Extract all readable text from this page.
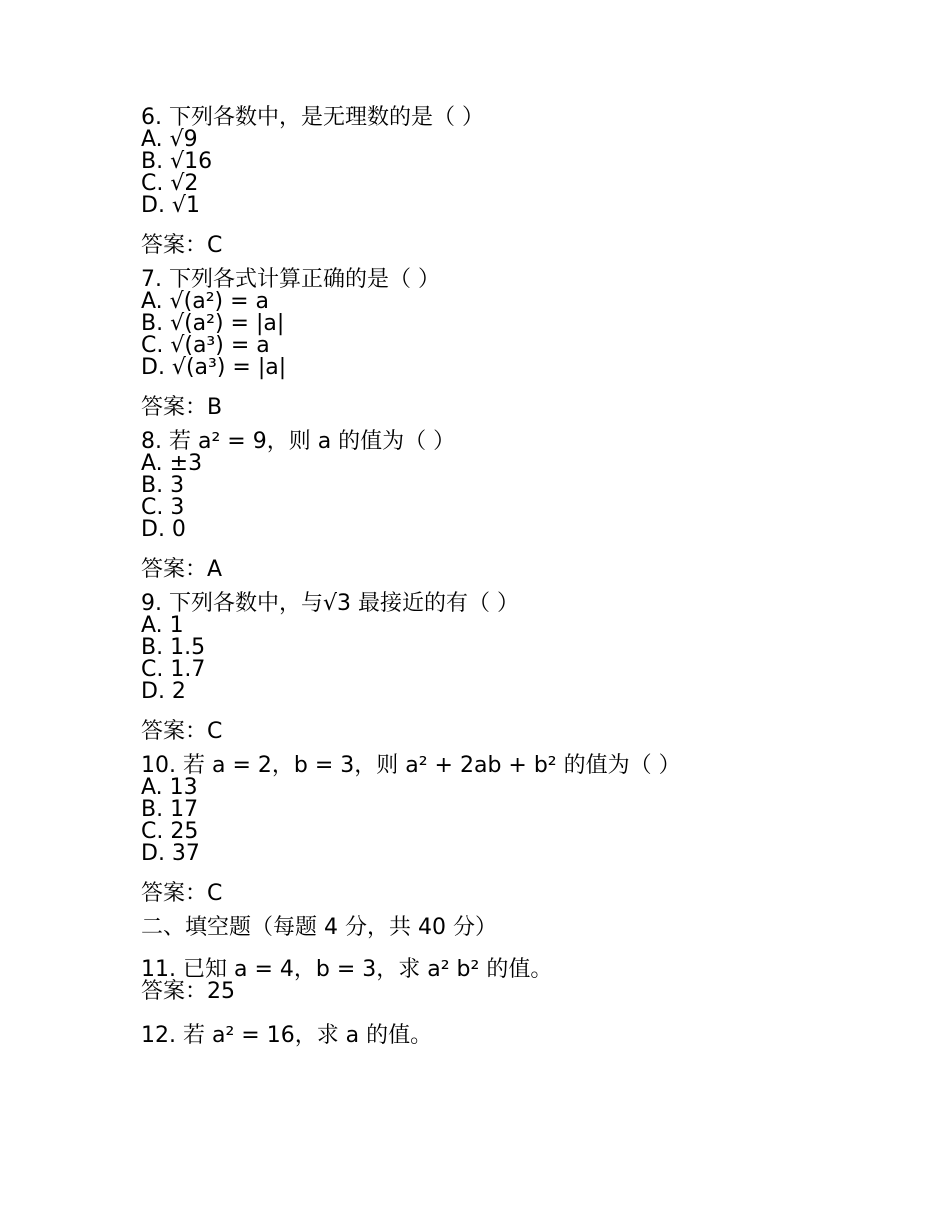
6. 下列各数中，是无理数的是（ ）
A. √9
B. √16
C. √2
D. √1
答案：C
7. 下列各式计算正确的是（ ）
A. √(a²) = a
B. √(a²) = |a|
C. √(a³) = a
D. √(a³) = |a|
答案：B
8. 若 a² = 9，则 a 的值为（ ）
A. ±3
B. 3
C. 3
D. 0
答案：A
9. 下列各数中，与√3 最接近的有（ ）
A. 1
B. 1.5
C. 1.7
D. 2
答案：C
10. 若 a = 2，b = 3，则 a² + 2ab + b² 的值为（ ）
A. 13
B. 17
C. 25
D. 37
答案：C
二、填空题（每题 4 分，共 40 分）
11. 已知 a = 4，b = 3，求 a² b² 的值。
答案：25
12. 若 a² = 16，求 a 的值。
